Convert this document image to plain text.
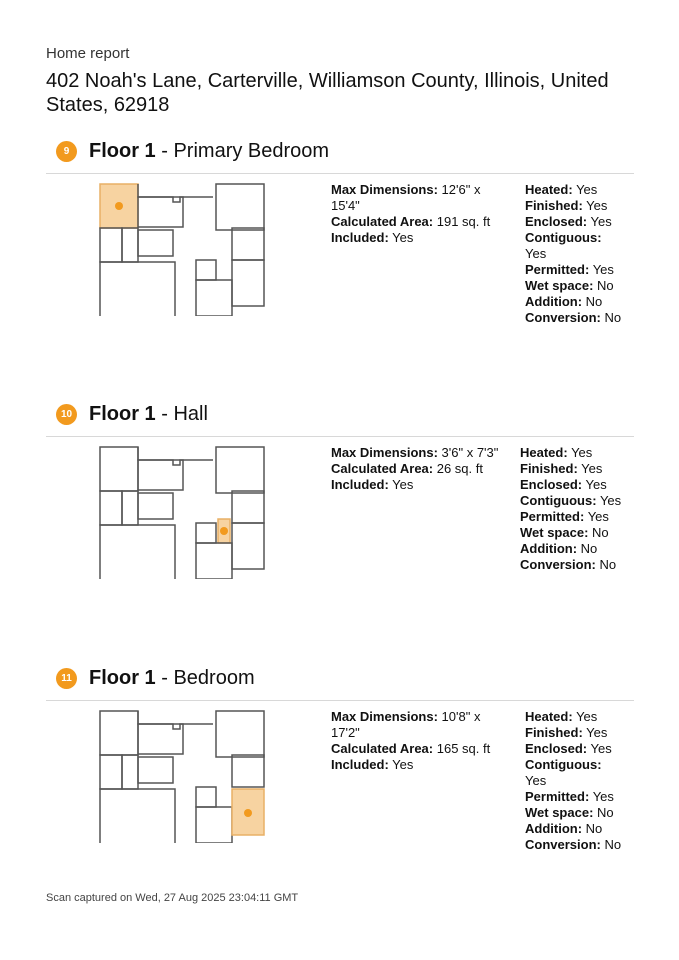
Home report
402 Noah's Lane, Carterville, Williamson County, Illinois, United States, 62918
9 Floor 1 - Primary Bedroom
Max Dimensions: 12'6" x 15'4"
Calculated Area: 191 sq. ft
Included: Yes
Heated: Yes
Finished: Yes
Enclosed: Yes
Contiguous: Yes
Permitted: Yes
Wet space: No
Addition: No
Conversion: No
10 Floor 1 - Hall
Max Dimensions: 3'6" x 7'3"
Calculated Area: 26 sq. ft
Included: Yes
Heated: Yes
Finished: Yes
Enclosed: Yes
Contiguous: Yes
Permitted: Yes
Wet space: No
Addition: No
Conversion: No
11 Floor 1 - Bedroom
Max Dimensions: 10'8" x 17'2"
Calculated Area: 165 sq. ft
Included: Yes
Heated: Yes
Finished: Yes
Enclosed: Yes
Contiguous: Yes
Permitted: Yes
Wet space: No
Addition: No
Conversion: No
Scan captured on Wed, 27 Aug 2025 23:04:11 GMT
